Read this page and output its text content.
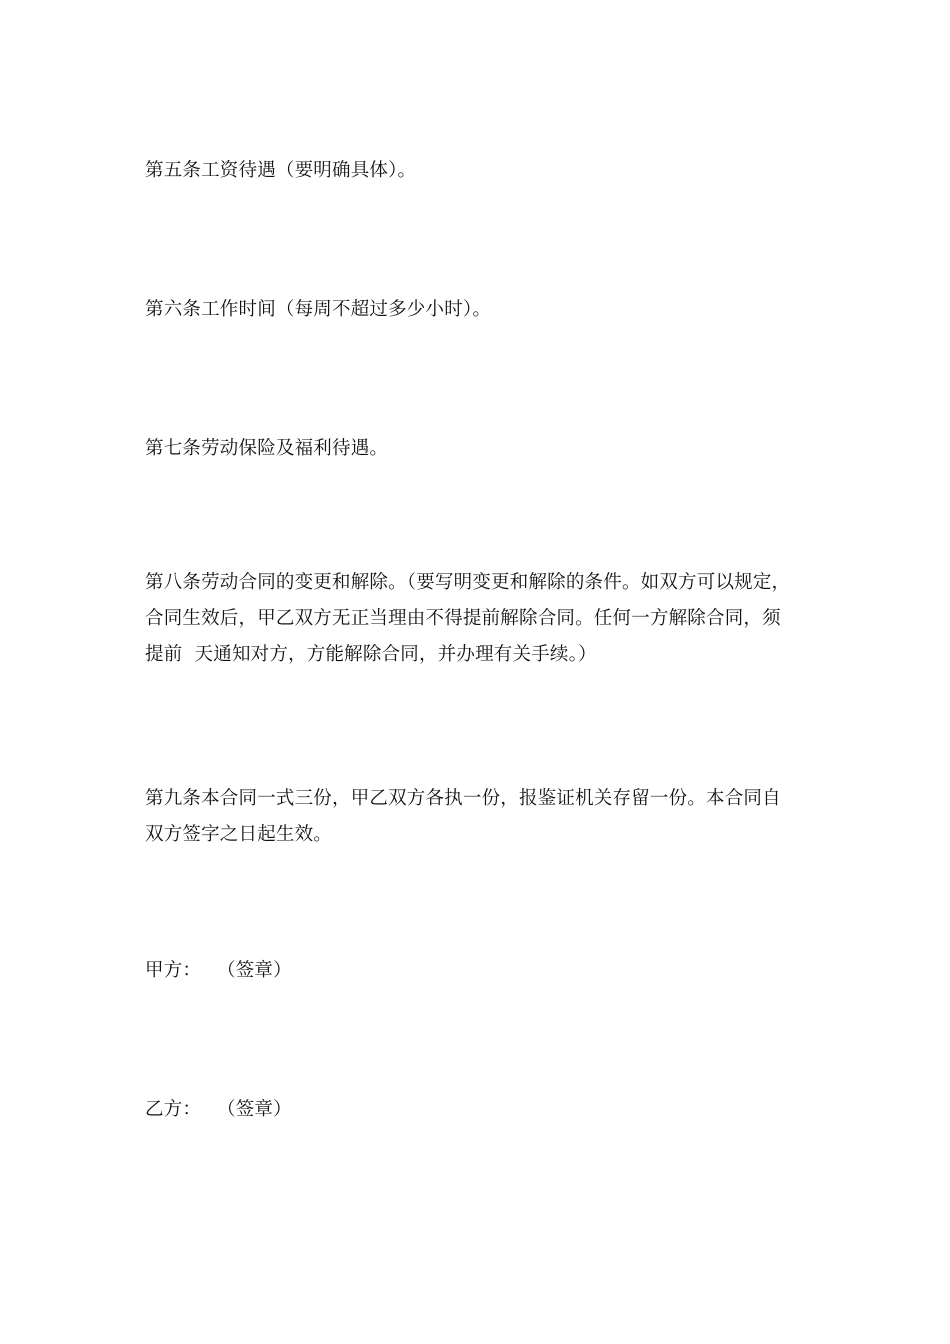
第五条工资待遇（要明确具体）。
第六条工作时间（每周不超过多少小时）。
第七条劳动保险及福利待遇。
第八条劳动合同的变更和解除。（要写明变更和解除的条件。如双方可以规定，
合同生效后，甲乙双方无正当理由不得提前解除合同。任何一方解除合同，须
提前  天通知对方，方能解除合同，并办理有关手续。）
第九条本合同一式三份，甲乙双方各执一份，报鉴证机关存留一份。本合同自
双方签字之日起生效。
甲方： （签章）
乙方： （签章）
